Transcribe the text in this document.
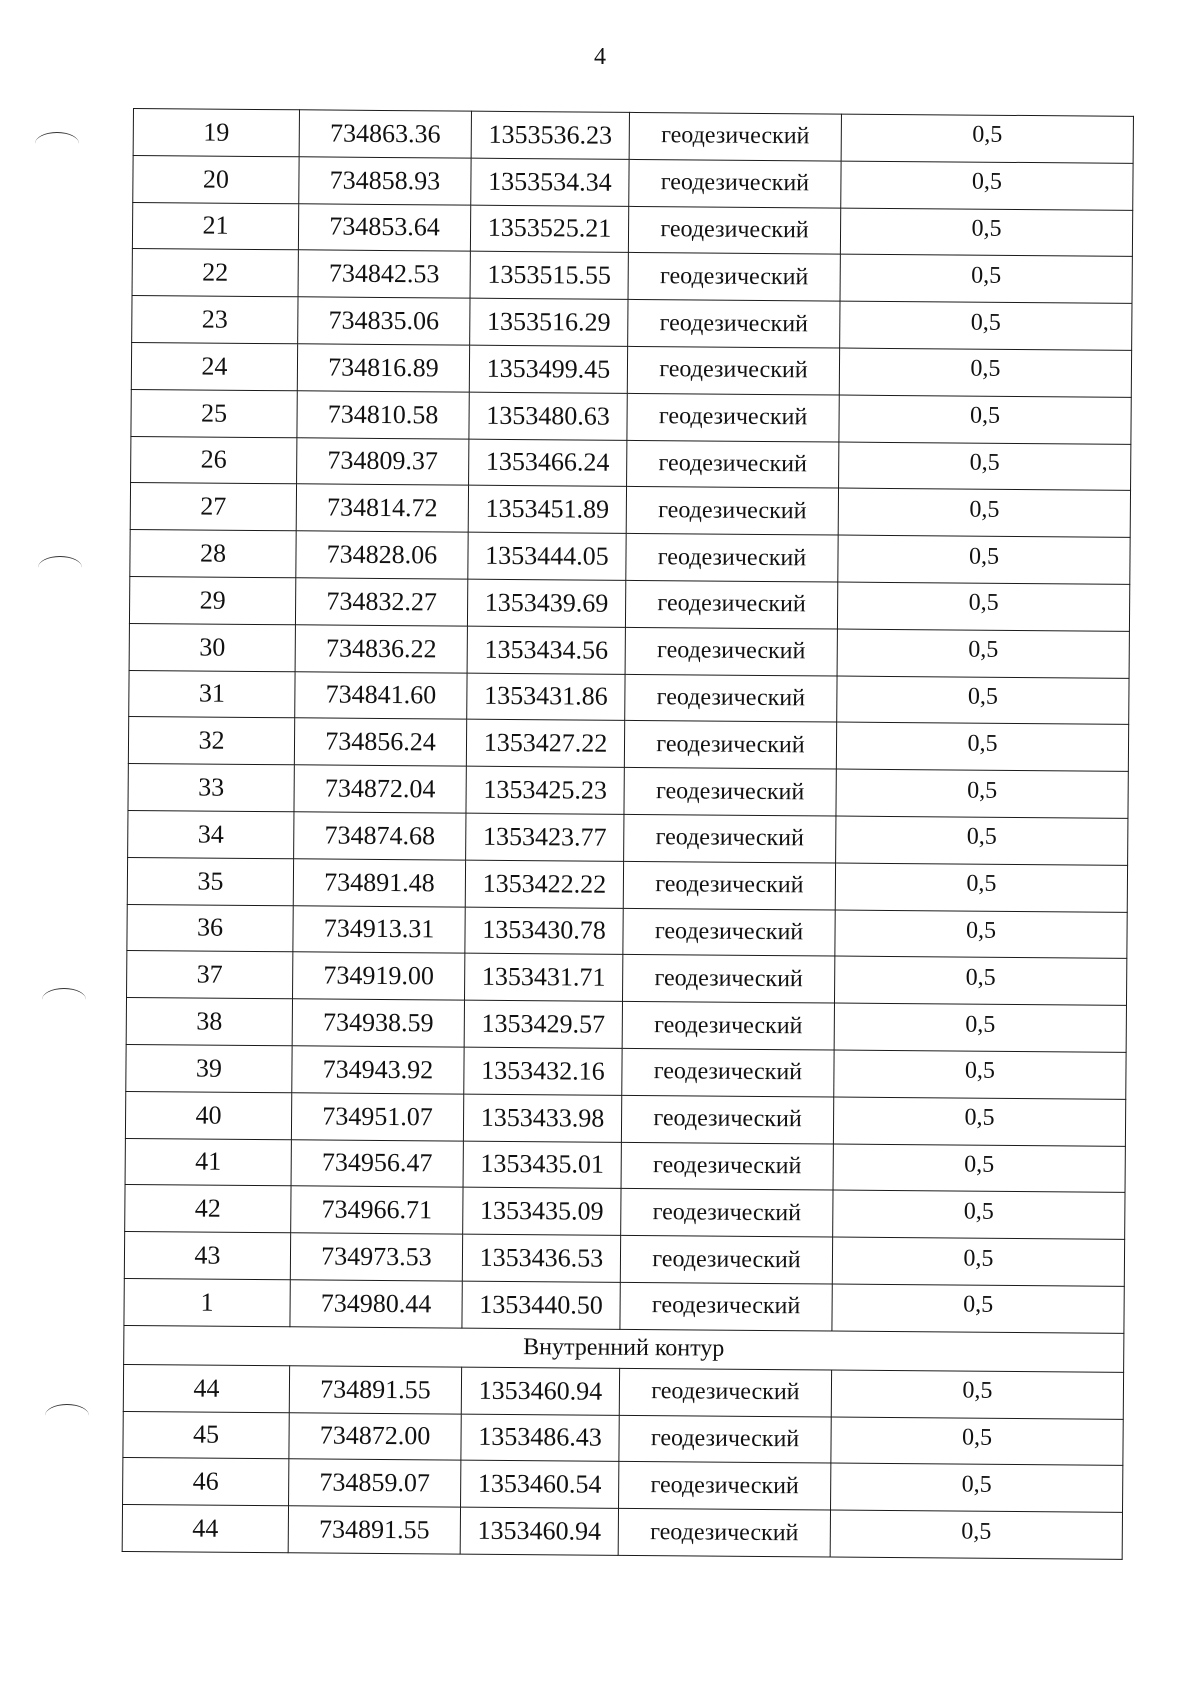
4
19	734863.36	1353536.23	геодезический	0,5
20	734858.93	1353534.34	геодезический	0,5
21	734853.64	1353525.21	геодезический	0,5
22	734842.53	1353515.55	геодезический	0,5
23	734835.06	1353516.29	геодезический	0,5
24	734816.89	1353499.45	геодезический	0,5
25	734810.58	1353480.63	геодезический	0,5
26	734809.37	1353466.24	геодезический	0,5
27	734814.72	1353451.89	геодезический	0,5
28	734828.06	1353444.05	геодезический	0,5
29	734832.27	1353439.69	геодезический	0,5
30	734836.22	1353434.56	геодезический	0,5
31	734841.60	1353431.86	геодезический	0,5
32	734856.24	1353427.22	геодезический	0,5
33	734872.04	1353425.23	геодезический	0,5
34	734874.68	1353423.77	геодезический	0,5
35	734891.48	1353422.22	геодезический	0,5
36	734913.31	1353430.78	геодезический	0,5
37	734919.00	1353431.71	геодезический	0,5
38	734938.59	1353429.57	геодезический	0,5
39	734943.92	1353432.16	геодезический	0,5
40	734951.07	1353433.98	геодезический	0,5
41	734956.47	1353435.01	геодезический	0,5
42	734966.71	1353435.09	геодезический	0,5
43	734973.53	1353436.53	геодезический	0,5
1	734980.44	1353440.50	геодезический	0,5
Внутренний контур				
44	734891.55	1353460.94	геодезический	0,5
45	734872.00	1353486.43	геодезический	0,5
46	734859.07	1353460.54	геодезический	0,5
44	734891.55	1353460.94	геодезический	0,5
